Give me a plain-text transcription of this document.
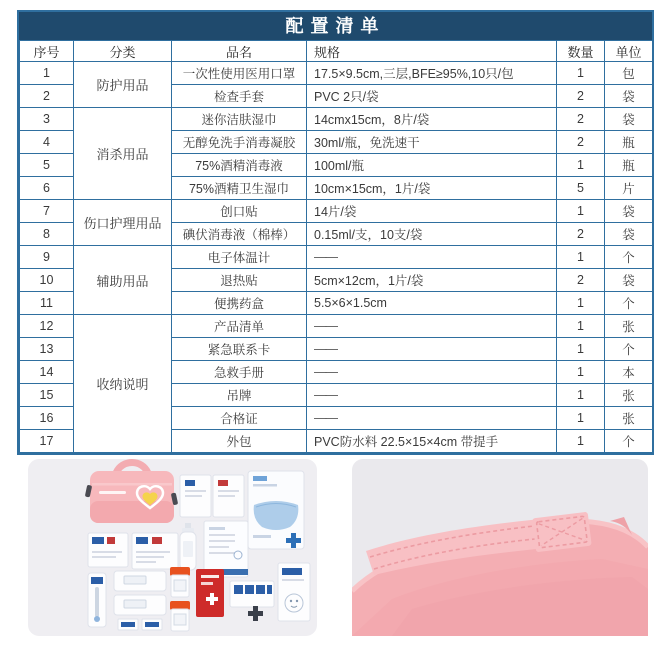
配置清单
序号	分类	品名	规格	数量	单位
1	防护用品	一次性使用医用口罩	17.5×9.5cm,三层,BFE≥95%,10只/包	1	包
2		检查手套	PVC 2只/袋	2	袋
3	消杀用品	迷你洁肤湿巾	14cmx15cm，8片/袋	2	袋
4		无醇免洗手消毒凝胶	30ml/瓶，免洗速干	2	瓶
5		75%酒精消毒液	100ml/瓶	1	瓶
6		75%酒精卫生湿巾	10cm×15cm，1片/袋	5	片
7	伤口护理用品	创口贴	14片/袋	1	袋
8		碘伏消毒液（棉棒）	0.15ml/支，10支/袋	2	袋
9	辅助用品	电子体温计	——	1	个
10		退热贴	5cm×12cm，1片/袋	2	袋
11		便携药盒	5.5×6×1.5cm	1	个
12	收纳说明	产品清单	——	1	张
13		紧急联系卡	——	1	个
14		急救手册	——	1	本
15		吊牌	——	1	张
16		合格证	——	1	张
17		外包	PVC防水料 22.5×15×4cm 带提手	1	个
